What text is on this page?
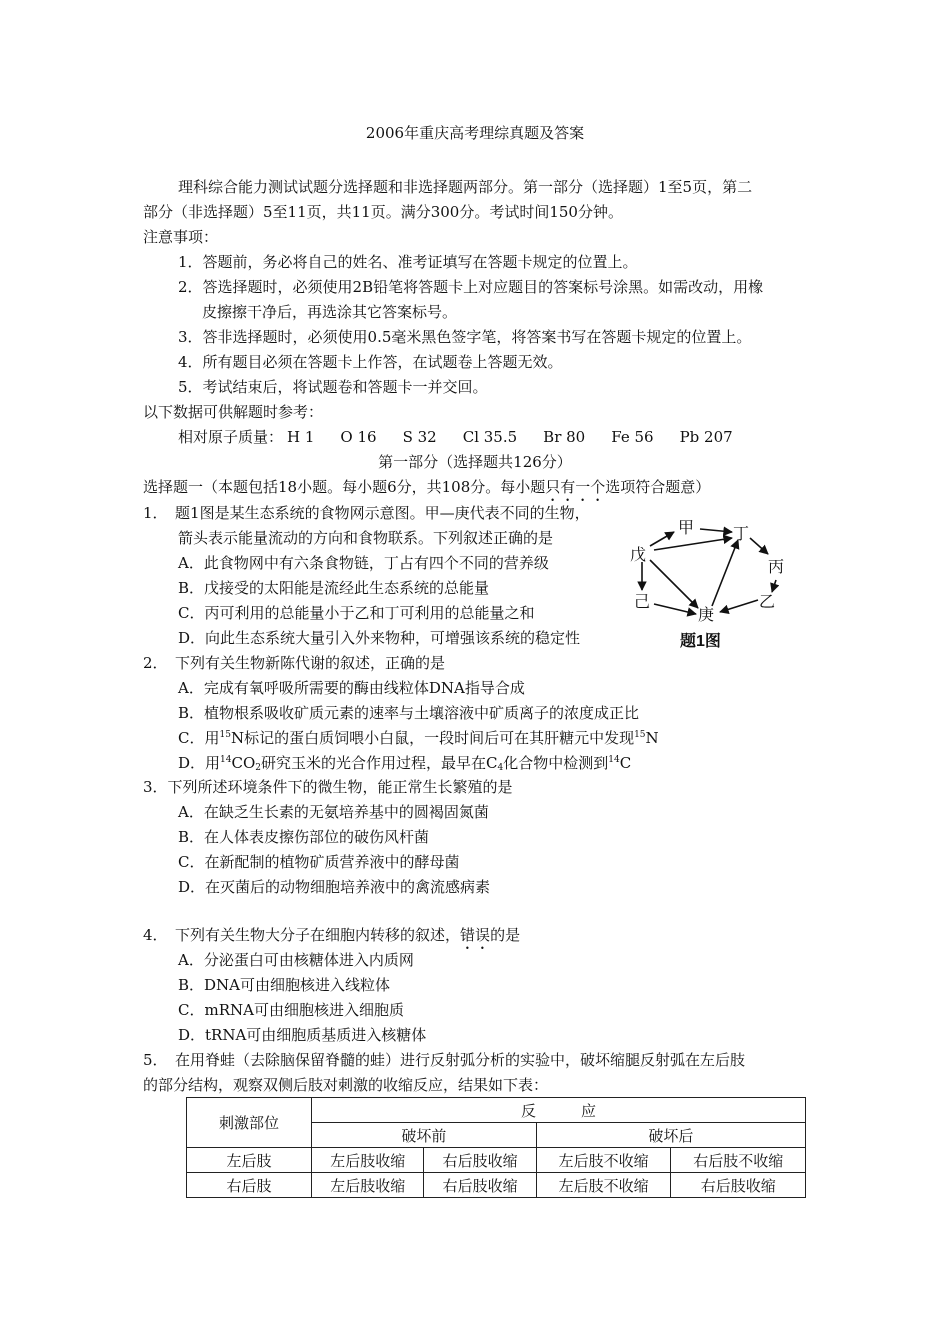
2006年重庆高考理综真题及答案
理科综合能力测试试题分选择题和非选择题两部分。第一部分（选择题）1至5页，第二
部分（非选择题）5至11页，共11页。满分300分。考试时间150分钟。
注意事项：
1．答题前，务必将自己的姓名、准考证填写在答题卡规定的位置上。
2．答选择题时，必须使用2B铅笔将答题卡上对应题目的答案标号涂黑。如需改动，用橡
皮擦擦干净后，再选涂其它答案标号。
3．答非选择题时，必须使用0.5毫米黑色签字笔，将答案书写在答题卡规定的位置上。
4．所有题目必须在答题卡上作答，在试题卷上答题无效。
5．考试结束后，将试题卷和答题卡一并交回。
以下数据可供解题时参考：
相对原子质量： H 1 O 16 S 32 Cl 35.5 Br 80 Fe 56 Pb 207
第一部分（选择题共126分）
选择题一（本题包括18小题。每小题6分，共108分。每小题只有一个选项符合题意）
1．　题1图是某生态系统的食物网示意图。甲—庚代表不同的生物，
箭头表示能量流动的方向和食物联系。下列叙述正确的是
A．此食物网中有六条食物链，丁占有四个不同的营养级
B．戊接受的太阳能是流经此生态系统的总能量
C．丙可利用的总能量小于乙和丁可利用的总能量之和
D．向此生态系统大量引入外来物种，可增强该系统的稳定性
甲 丁
戊
丙
乙
己
庚
题1图
2．　下列有关生物新陈代谢的叙述，正确的是
A．完成有氧呼吸所需要的酶由线粒体DNA指导合成
B．植物根系吸收矿质元素的速率与土壤溶液中矿质离子的浓度成正比
C．用$^{15}$N标记的蛋白质饲喂小白鼠，一段时间后可在其肝糖元中发现$^{15}$N
D．用$^{14}CO_2$研究玉米的光合作用过程，最早在$C_4$化合物中检测到$^{14}$C
3．下列所述环境条件下的微生物，能正常生长繁殖的是
A．在缺乏生长素的无氨培养基中的圆褐固氮菌
B．在人体表皮擦伤部位的破伤风杆菌
C．在新配制的植物矿质营养液中的酵母菌
D．在灭菌后的动物细胞培养液中的禽流感病素
4．　下列有关生物大分子在细胞内转移的叙述，错误的是
A．分泌蛋白可由核糖体进入内质网
B．DNA可由细胞核进入线粒体
C．mRNA可由细胞核进入细胞质
D．tRNA可由细胞质基质进入核糖体
5．　在用脊蛙（去除脑保留脊髓的蛙）进行反射弧分析的实验中，破坏缩腿反射弧在左后肢
的部分结构，观察双侧后肢对刺激的收缩反应，结果如下表：
刺激部位	反　　　应			
	破坏前		破坏后	
左后肢	左后肢收缩	右后肢收缩	左后肢不收缩	右后肢不收缩
右后肢	左后肢收缩	右后肢收缩	左后肢不收缩	右后肢收缩
